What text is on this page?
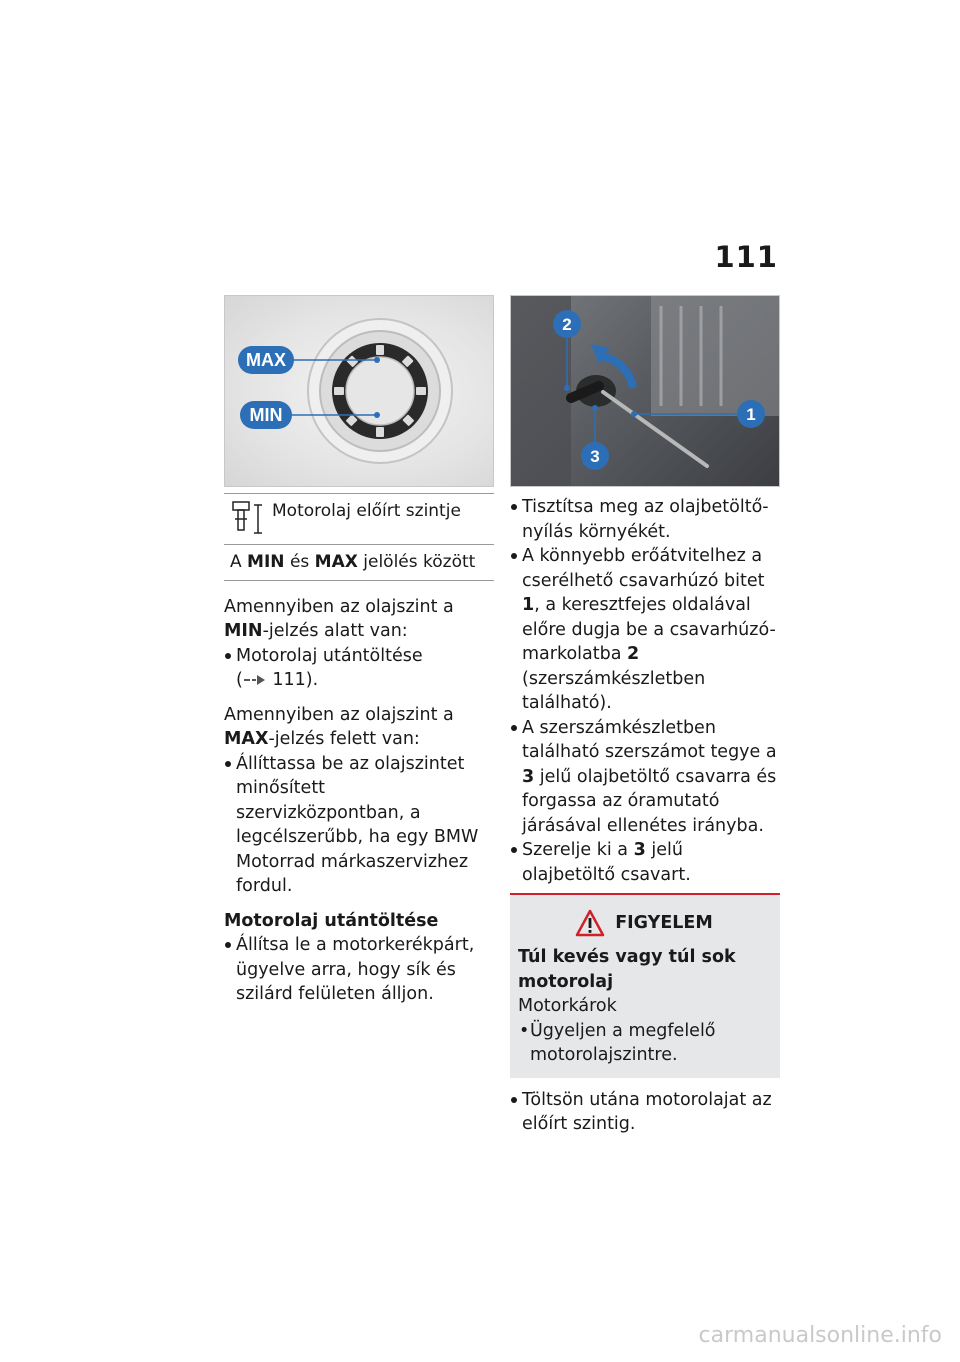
111
MAX
MIN
Motorolaj előírt szintje

A MIN és MAX jelölés között

Amennyiben az olajszint a MIN-jelzés alatt van:

Motorolaj utántöltése
( 111).

Amennyiben az olajszint a
MAX-jelzés felett van:

Állíttassa be az olajszintet minősített szervizközpontban, a legcélszerűbb, ha egy BMW Motorrad márkaszervizhez fordul.

Motorolaj utántöltése

Állítsa le a motorkerékpárt, ügyelve arra, hogy sík és szilárd felületen álljon.
1
2
3
Tisztítsa meg az olajbetöltő-nyílás környékét.
A könnyebb erőátvitelhez a cserélhető csavarhúzó bitet 1, a keresztfejes oldalával előre dugja be a csavarhúzó-markolatba 2 (szerszámkészletben található).
A szerszámkészletben található szerszámot tegye a 3 jelű olajbetöltő csavarra és forgassa az óramutató járásával ellenétes irányba.
Szerelje ki a 3 jelű olajbetöltő csavart.
FIGYELEM

Túl kevés vagy túl sok motorolaj

Motorkárok

• Ügyeljen a megfelelő motorolajszintre.
Töltsön utána motorolajat az előírt szintig.
carmanualsonline.info
